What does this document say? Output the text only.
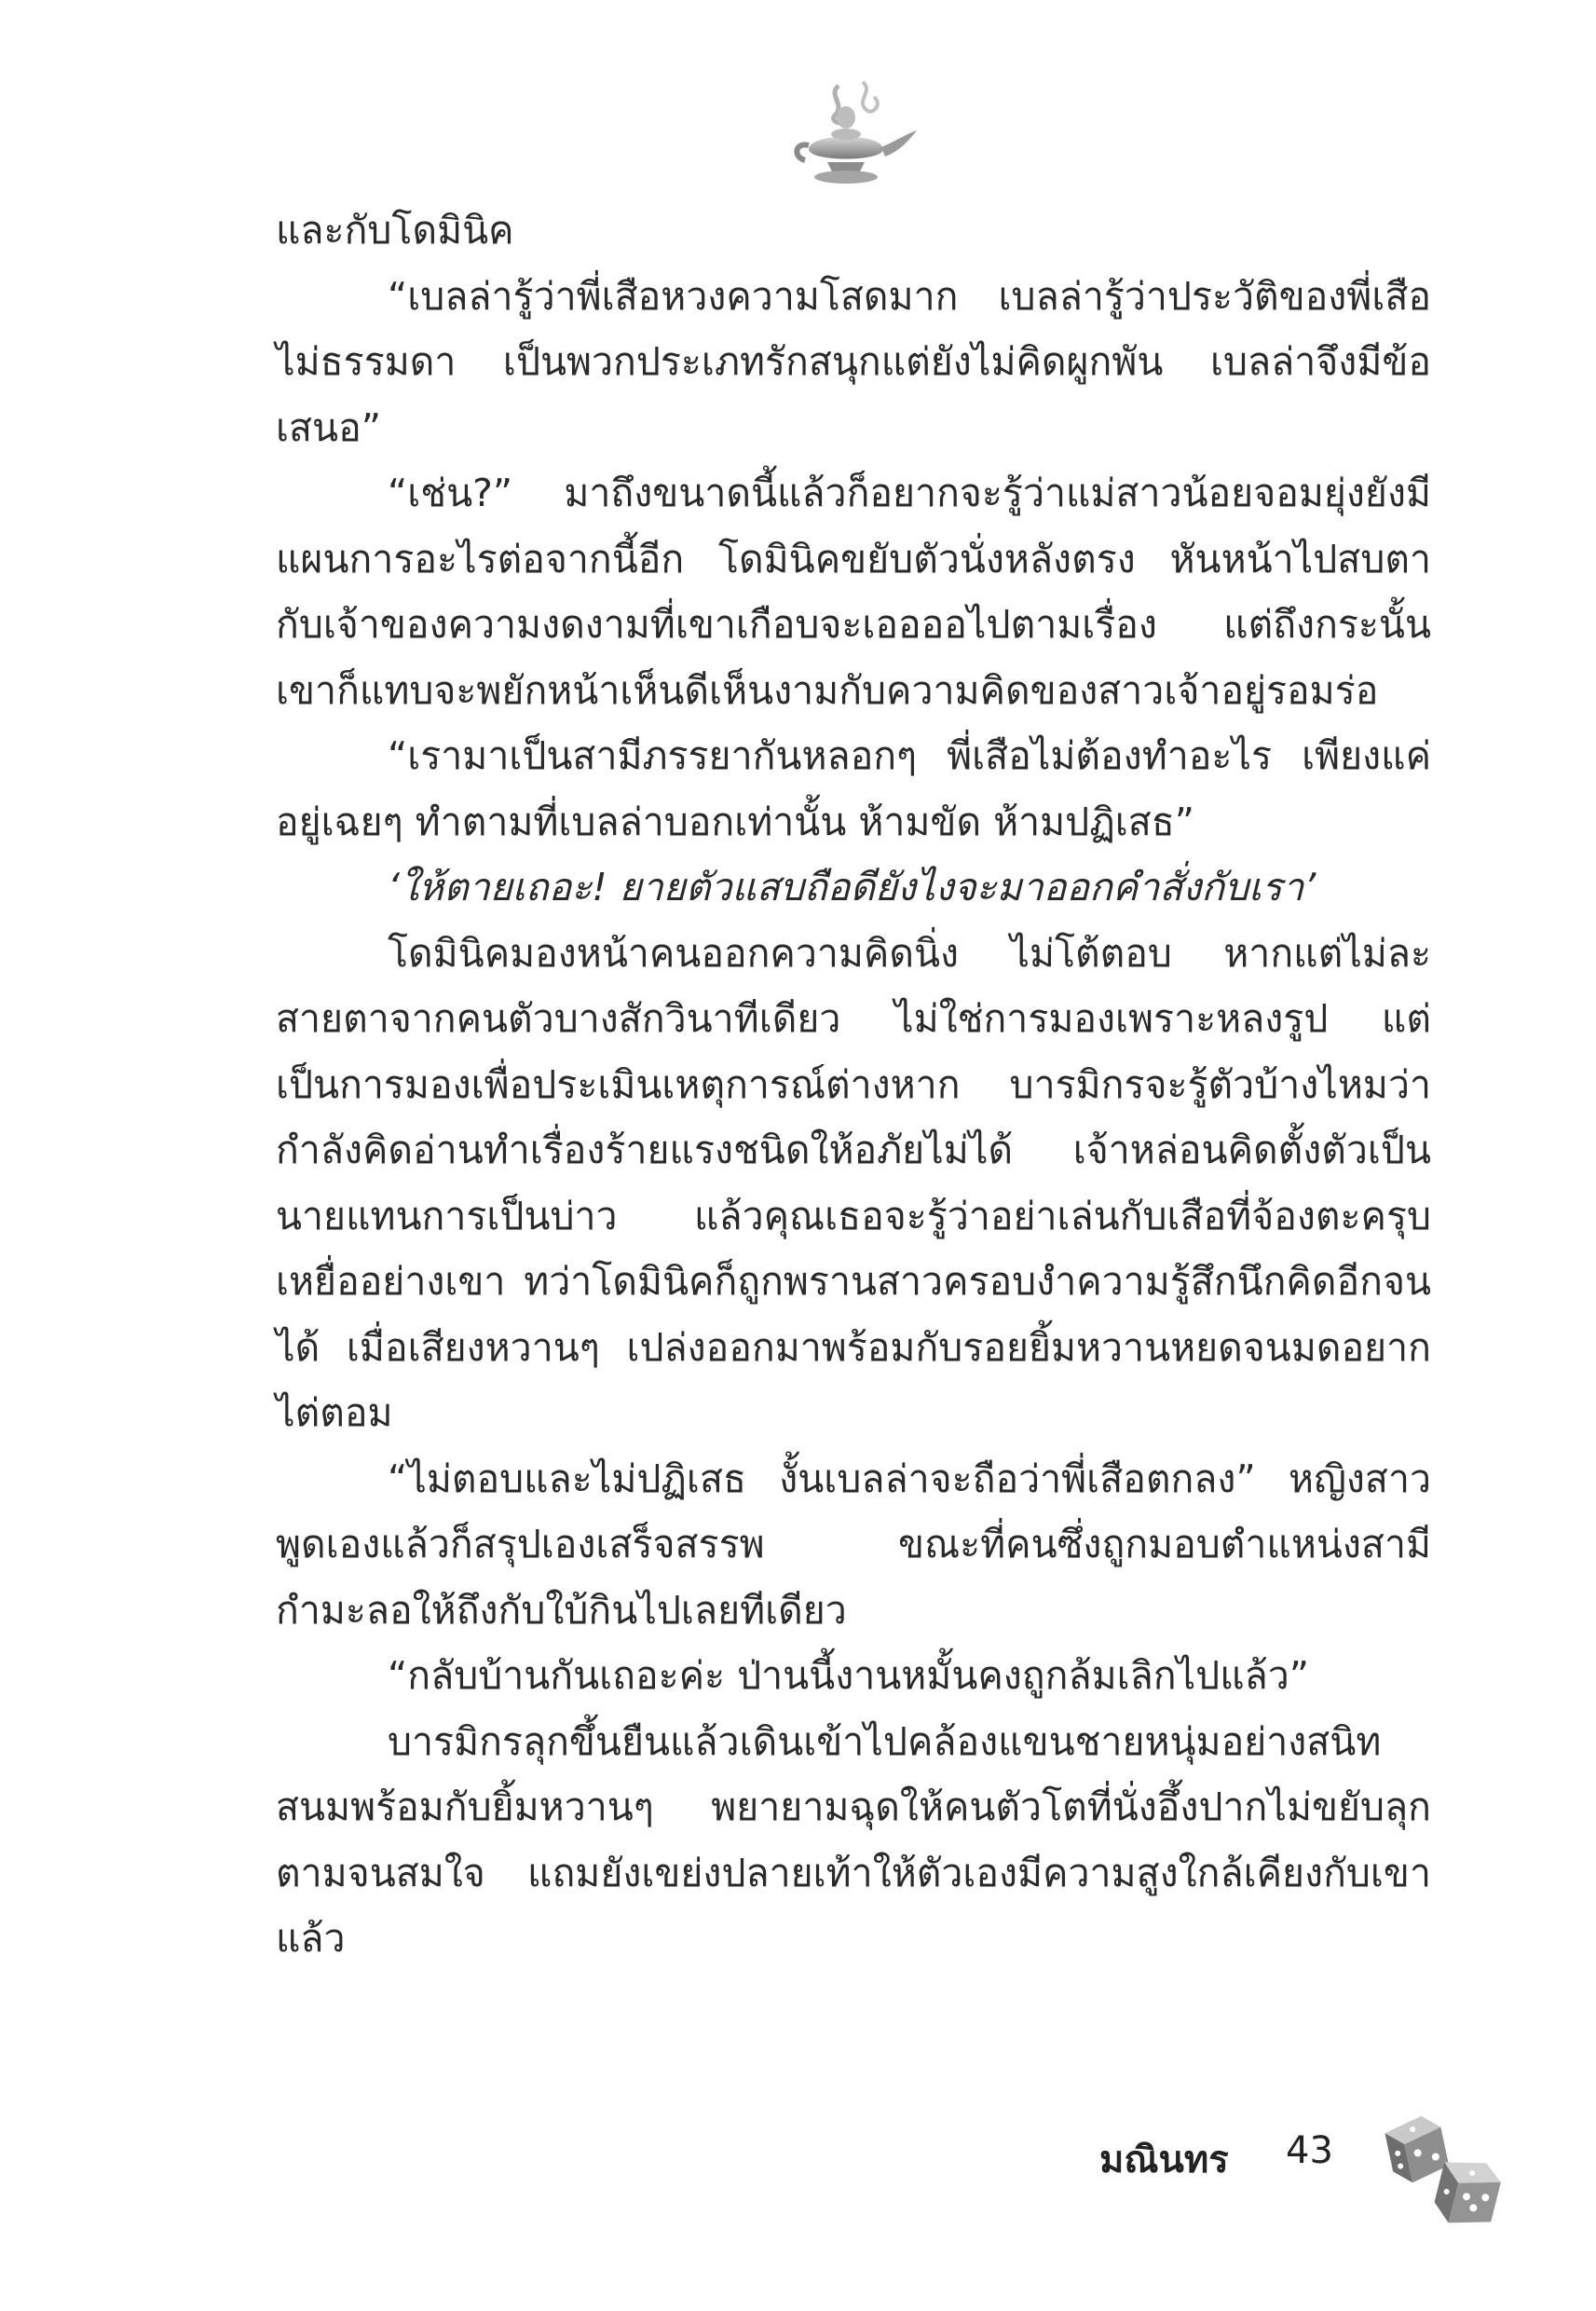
และกับโดมินิค

“เบลล่ารู้ว่าพี่เสือหวงความโสดมาก เบลล่ารู้ว่าประวัติของพี่เสือไม่ธรรมดา เป็นพวกประเภทรักสนุกแต่ยังไม่คิดผูกพัน เบลล่าจึงมีข้อเสนอ”

“เช่น?” มาถึงขนาดนี้แล้วก็อยากจะรู้ว่าแม่สาวน้อยจอมยุ่งยังมีแผนการอะไรต่อจากนี้อีก โดมินิคขยับตัวนั่งหลังตรง หันหน้าไปสบตากับเจ้าของความงดงามที่เขาเกือบจะเออออไปตามเรื่อง แต่ถึงกระนั้นเขาก็แทบจะพยักหน้าเห็นดีเห็นงามกับความคิดของสาวเจ้าอยู่รอมร่อ

“เรามาเป็นสามีภรรยากันหลอกๆ พี่เสือไม่ต้องทำอะไร เพียงแค่อยู่เฉยๆ ทำตามที่เบลล่าบอกเท่านั้น ห้ามขัด ห้ามปฏิเสธ”

‘ให้ตายเถอะ! ยายตัวแสบถือดียังไงจะมาออกคำสั่งกับเรา’

โดมินิคมองหน้าคนออกความคิดนิ่ง ไม่โต้ตอบ หากแต่ไม่ละสายตาจากคนตัวบางสักวินาทีเดียว ไม่ใช่การมองเพราะหลงรูป แต่เป็นการมองเพื่อประเมินเหตุการณ์ต่างหาก บารมิกรจะรู้ตัวบ้างไหมว่ากำลังคิดอ่านทำเรื่องร้ายแรงชนิดให้อภัยไม่ได้ เจ้าหล่อนคิดตั้งตัวเป็นนายแทนการเป็นบ่าว แล้วคุณเธอจะรู้ว่าอย่าเล่นกับเสือที่จ้องตะครุบเหยื่ออย่างเขา ทว่าโดมินิคก็ถูกพรานสาวครอบงำความรู้สึกนึกคิดอีกจนได้ เมื่อเสียงหวานๆ เปล่งออกมาพร้อมกับรอยยิ้มหวานหยดจนมดอยากไต่ตอม

“ไม่ตอบและไม่ปฏิเสธ งั้นเบลล่าจะถือว่าพี่เสือตกลง” หญิงสาวพูดเองแล้วก็สรุปเองเสร็จสรรพ ขณะที่คนซึ่งถูกมอบตำแหน่งสามีกำมะลอให้ถึงกับใบ้กินไปเลยทีเดียว

“กลับบ้านกันเถอะค่ะ ป่านนี้งานหมั้นคงถูกล้มเลิกไปแล้ว”

บารมิกรลุกขึ้นยืนแล้วเดินเข้าไปคล้องแขนชายหนุ่มอย่างสนิทสนมพร้อมกับยิ้มหวานๆ พยายามฉุดให้คนตัวโตที่นั่งอึ้งปากไม่ขยับลุกตามจนสมใจ แถมยังเขย่งปลายเท้าให้ตัวเองมีความสูงใกล้เคียงกับเขา แล้ว

มณินทร 43
